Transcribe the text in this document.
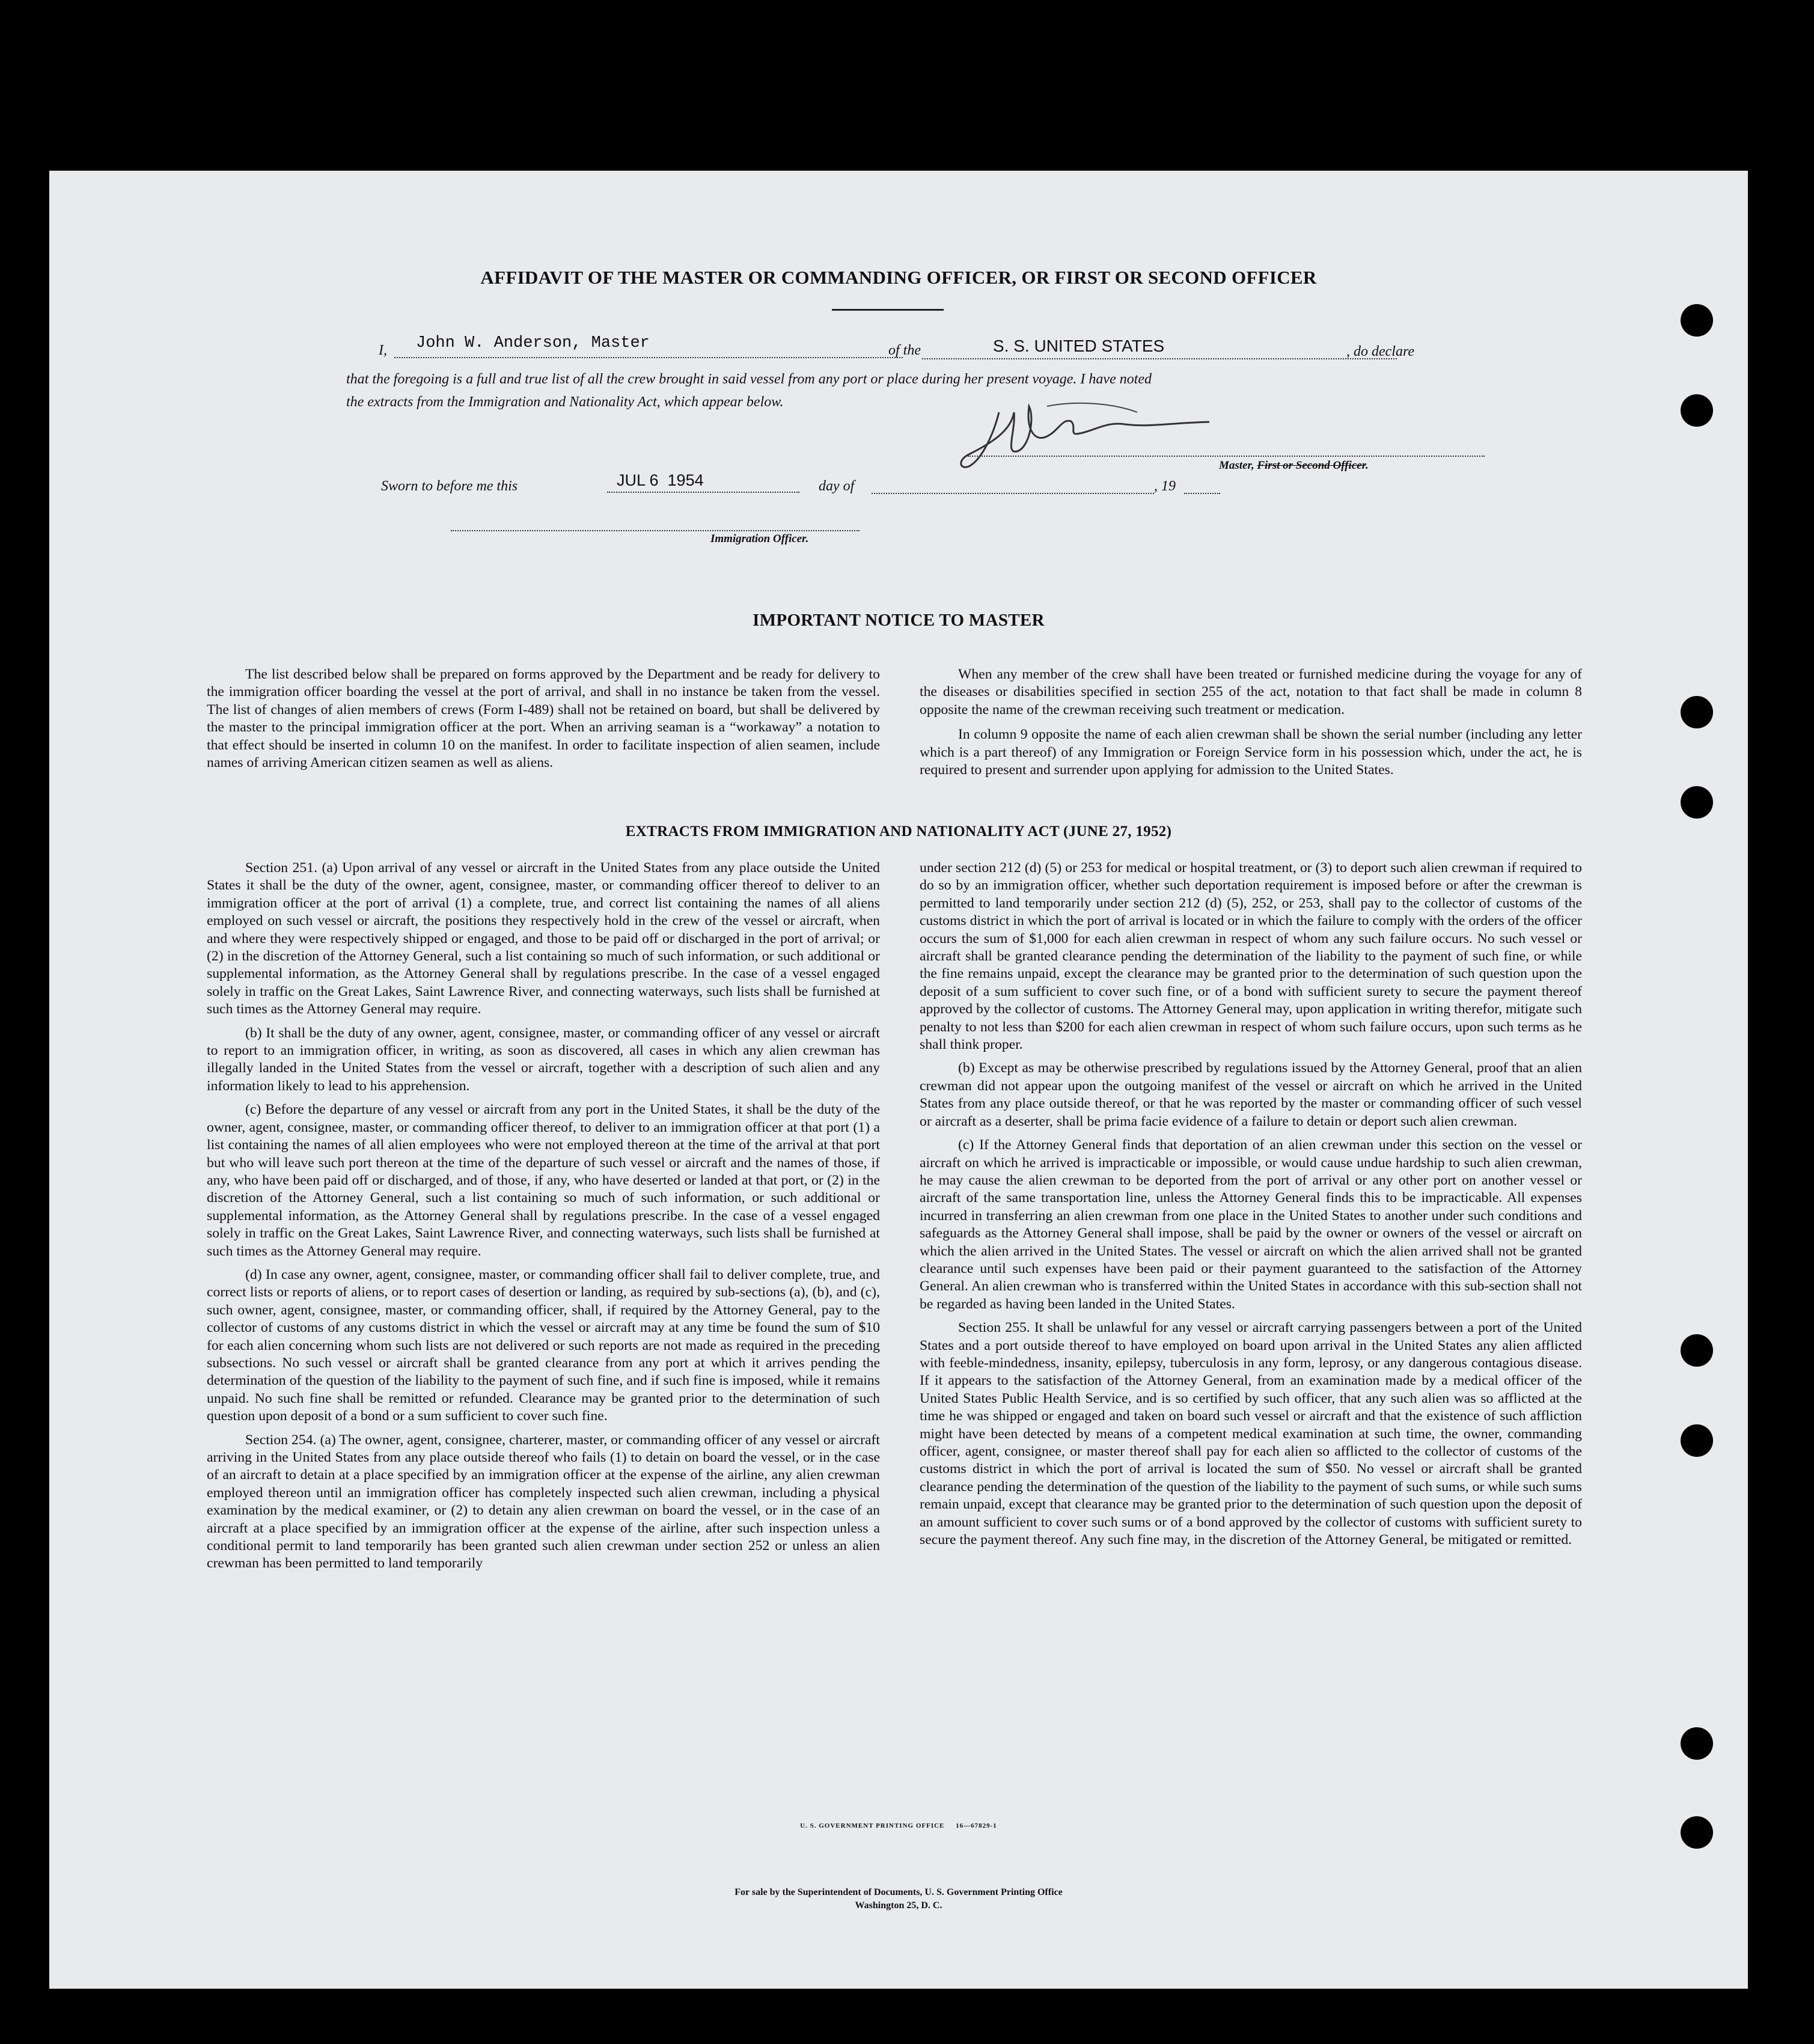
AFFIDAVIT OF THE MASTER OR COMMANDING OFFICER, OR FIRST OR SECOND OFFICER
I, John W. Anderson, Master	of the	S. S. UNITED STATES	, do declare
that the foregoing is a full and true list of all the crew brought in said vessel from any port or place during her present voyage. I have noted
the extracts from the Immigration and Nationality Act, which appear below.
Master, First or Second Officer.
Sworn to before me this	JUL 6  1954	day of	, 19
Immigration Officer.
IMPORTANT NOTICE TO MASTER

The list described below shall be prepared on forms approved by the Department and be ready for delivery to the immigration officer boarding the vessel at the port of arrival, and shall in no instance be taken from the vessel. The list of changes of alien members of crews (Form I-489) shall not be retained on board, but shall be delivered by the master to the principal immigration officer at the port. When an arriving seaman is a “workaway” a notation to that effect should be inserted in column 10 on the manifest. In order to facilitate inspection of alien seamen, include names of arriving American citizen seamen as well as aliens.

When any member of the crew shall have been treated or furnished medicine during the voyage for any of the diseases or disabilities specified in section 255 of the act, notation to that fact shall be made in column 8 opposite the name of the crewman receiving such treatment or medication.

In column 9 opposite the name of each alien crewman shall be shown the serial number (including any letter which is a part thereof) of any Immigration or Foreign Service form in his possession which, under the act, he is required to present and surrender upon applying for admission to the United States.

EXTRACTS FROM IMMIGRATION AND NATIONALITY ACT (JUNE 27, 1952)

Section 251. (a) Upon arrival of any vessel or aircraft in the United States from any place outside the United States it shall be the duty of the owner, agent, consignee, master, or commanding officer thereof to deliver to an immigration officer at the port of arrival (1) a complete, true, and correct list containing the names of all aliens employed on such vessel or aircraft, the positions they respectively hold in the crew of the vessel or aircraft, when and where they were respectively shipped or engaged, and those to be paid off or discharged in the port of arrival; or (2) in the discretion of the Attorney General, such a list containing so much of such information, or such additional or supplemental information, as the Attorney General shall by regulations prescribe. In the case of a vessel engaged solely in traffic on the Great Lakes, Saint Lawrence River, and connecting waterways, such lists shall be furnished at such times as the Attorney General may require.

(b) It shall be the duty of any owner, agent, consignee, master, or commanding officer of any vessel or aircraft to report to an immigration officer, in writing, as soon as discovered, all cases in which any alien crewman has illegally landed in the United States from the vessel or aircraft, together with a description of such alien and any information likely to lead to his apprehension.

(c) Before the departure of any vessel or aircraft from any port in the United States, it shall be the duty of the owner, agent, consignee, master, or commanding officer thereof, to deliver to an immigration officer at that port (1) a list containing the names of all alien employees who were not employed thereon at the time of the arrival at that port but who will leave such port thereon at the time of the departure of such vessel or aircraft and the names of those, if any, who have been paid off or discharged, and of those, if any, who have deserted or landed at that port, or (2) in the discretion of the Attorney General, such a list containing so much of such information, or such additional or supplemental information, as the Attorney General shall by regulations prescribe. In the case of a vessel engaged solely in traffic on the Great Lakes, Saint Lawrence River, and connecting waterways, such lists shall be furnished at such times as the Attorney General may require.

(d) In case any owner, agent, consignee, master, or commanding officer shall fail to deliver complete, true, and correct lists or reports of aliens, or to report cases of desertion or landing, as required by sub-sections (a), (b), and (c), such owner, agent, consignee, master, or commanding officer, shall, if required by the Attorney General, pay to the collector of customs of any customs district in which the vessel or aircraft may at any time be found the sum of $10 for each alien concerning whom such lists are not delivered or such reports are not made as required in the preceding subsections. No such vessel or aircraft shall be granted clearance from any port at which it arrives pending the determination of the question of the liability to the payment of such fine, and if such fine is imposed, while it remains unpaid. No such fine shall be remitted or refunded. Clearance may be granted prior to the determination of such question upon deposit of a bond or a sum sufficient to cover such fine.

Section 254. (a) The owner, agent, consignee, charterer, master, or commanding officer of any vessel or aircraft arriving in the United States from any place outside thereof who fails (1) to detain on board the vessel, or in the case of an aircraft to detain at a place specified by an immigration officer at the expense of the airline, any alien crewman employed thereon until an immigration officer has completely inspected such alien crewman, including a physical examination by the medical examiner, or (2) to detain any alien crewman on board the vessel, or in the case of an aircraft at a place specified by an immigration officer at the expense of the airline, after such inspection unless a conditional permit to land temporarily has been granted such alien crewman under section 252 or unless an alien crewman has been permitted to land temporarily

under section 212 (d) (5) or 253 for medical or hospital treatment, or (3) to deport such alien crewman if required to do so by an immigration officer, whether such deportation requirement is imposed before or after the crewman is permitted to land temporarily under section 212 (d) (5), 252, or 253, shall pay to the collector of customs of the customs district in which the port of arrival is located or in which the failure to comply with the orders of the officer occurs the sum of $1,000 for each alien crewman in respect of whom any such failure occurs. No such vessel or aircraft shall be granted clearance pending the determination of the liability to the payment of such fine, or while the fine remains unpaid, except the clearance may be granted prior to the determination of such question upon the deposit of a sum sufficient to cover such fine, or of a bond with sufficient surety to secure the payment thereof approved by the collector of customs. The Attorney General may, upon application in writing therefor, mitigate such penalty to not less than $200 for each alien crewman in respect of whom such failure occurs, upon such terms as he shall think proper.

(b) Except as may be otherwise prescribed by regulations issued by the Attorney General, proof that an alien crewman did not appear upon the outgoing manifest of the vessel or aircraft on which he arrived in the United States from any place outside thereof, or that he was reported by the master or commanding officer of such vessel or aircraft as a deserter, shall be prima facie evidence of a failure to detain or deport such alien crewman.

(c) If the Attorney General finds that deportation of an alien crewman under this section on the vessel or aircraft on which he arrived is impracticable or impossible, or would cause undue hardship to such alien crewman, he may cause the alien crewman to be deported from the port of arrival or any other port on another vessel or aircraft of the same transportation line, unless the Attorney General finds this to be impracticable. All expenses incurred in transferring an alien crewman from one place in the United States to another under such conditions and safeguards as the Attorney General shall impose, shall be paid by the owner or owners of the vessel or aircraft on which the alien arrived in the United States. The vessel or aircraft on which the alien arrived shall not be granted clearance until such expenses have been paid or their payment guaranteed to the satisfaction of the Attorney General. An alien crewman who is transferred within the United States in accordance with this sub-section shall not be regarded as having been landed in the United States.

Section 255. It shall be unlawful for any vessel or aircraft carrying passengers between a port of the United States and a port outside thereof to have employed on board upon arrival in the United States any alien afflicted with feeble-mindedness, insanity, epilepsy, tuberculosis in any form, leprosy, or any dangerous contagious disease. If it appears to the satisfaction of the Attorney General, from an examination made by a medical officer of the United States Public Health Service, and is so certified by such officer, that any such alien was so afflicted at the time he was shipped or engaged and taken on board such vessel or aircraft and that the existence of such affliction might have been detected by means of a competent medical examination at such time, the owner, commanding officer, agent, consignee, or master thereof shall pay for each alien so afflicted to the collector of customs of the customs district in which the port of arrival is located the sum of $50. No vessel or aircraft shall be granted clearance pending the determination of the question of the liability to the payment of such sums, or while such sums remain unpaid, except that clearance may be granted prior to the determination of such question upon the deposit of an amount sufficient to cover such sums or of a bond approved by the collector of customs with sufficient surety to secure the payment thereof. Any such fine may, in the discretion of the Attorney General, be mitigated or remitted.

U. S. GOVERNMENT PRINTING OFFICE     16—67829-1
For sale by the Superintendent of Documents, U. S. Government Printing Office
Washington 25, D. C.
